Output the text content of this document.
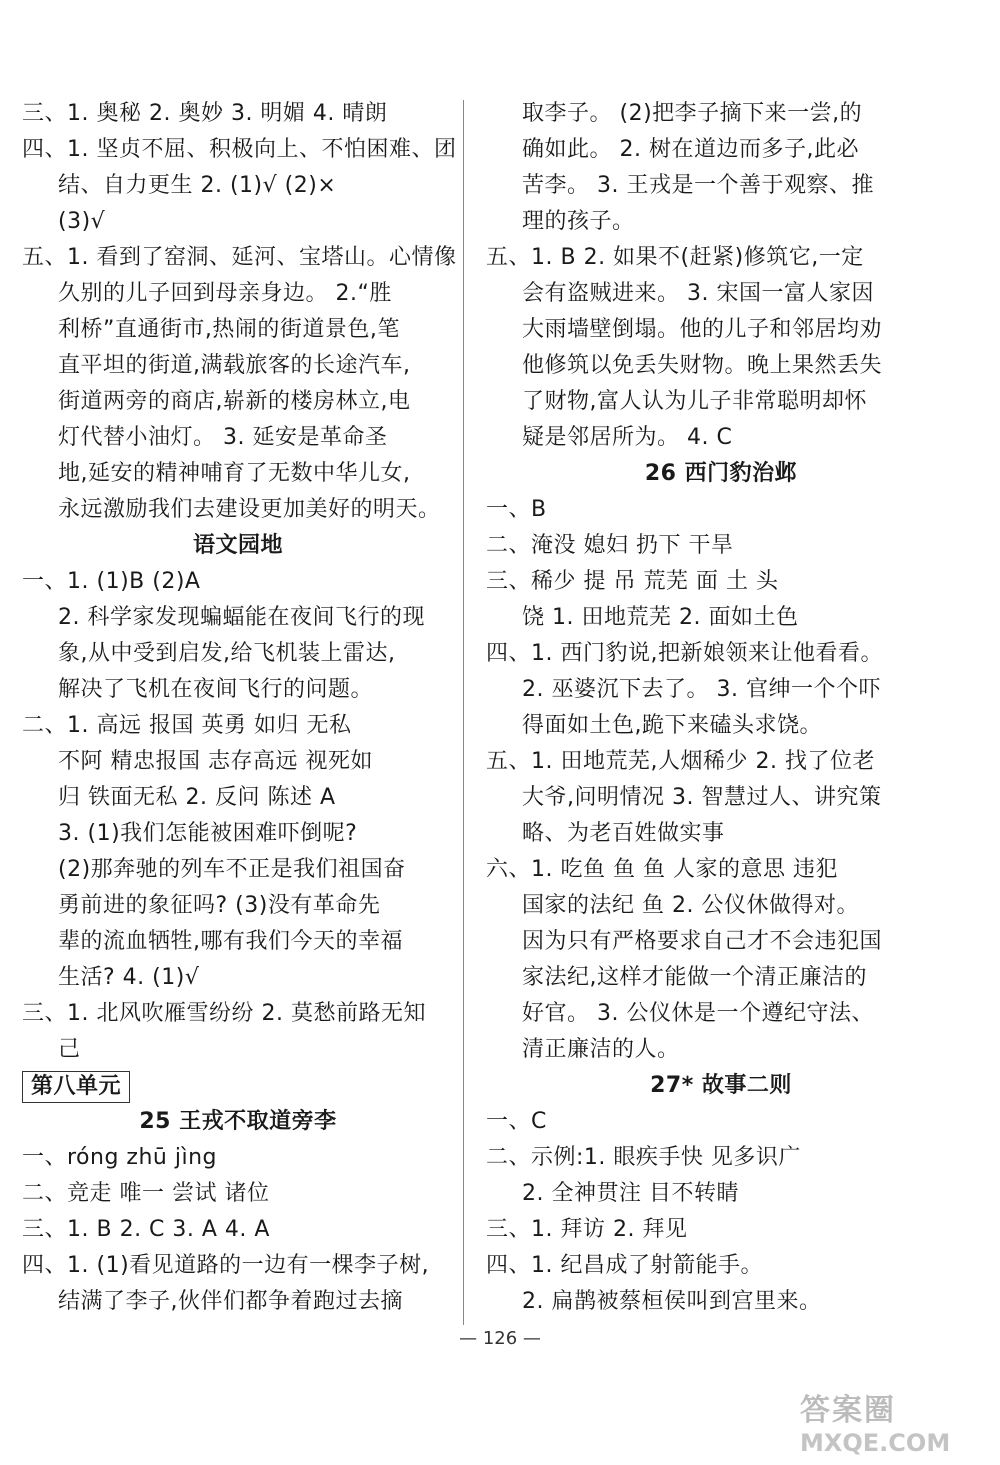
三、1. 奥秘 2. 奥妙 3. 明媚 4. 晴朗
四、1. 坚贞不屈、积极向上、不怕困难、团
结、自力更生 2. (1)√ (2)×
(3)√
五、1. 看到了窑洞、延河、宝塔山。心情像
久别的儿子回到母亲身边。 2.“胜
利桥”直通街市,热闹的街道景色,笔
直平坦的街道,满载旅客的长途汽车,
街道两旁的商店,崭新的楼房林立,电
灯代替小油灯。 3. 延安是革命圣
地,延安的精神哺育了无数中华儿女,
永远激励我们去建设更加美好的明天。
语文园地
一、1. (1)B (2)A
2. 科学家发现蝙蝠能在夜间飞行的现
象,从中受到启发,给飞机装上雷达,
解决了飞机在夜间飞行的问题。
二、1. 高远 报国 英勇 如归 无私
不阿 精忠报国 志存高远 视死如
归 铁面无私 2. 反问 陈述 A
3. (1)我们怎能被困难吓倒呢?
(2)那奔驰的列车不正是我们祖国奋
勇前进的象征吗? (3)没有革命先
辈的流血牺牲,哪有我们今天的幸福
生活? 4. (1)√
三、1. 北风吹雁雪纷纷 2. 莫愁前路无知
己
第八单元
25 王戎不取道旁李
一、róng zhū jìng
二、竞走 唯一 尝试 诸位
三、1. B 2. C 3. A 4. A
四、1. (1)看见道路的一边有一棵李子树,
结满了李子,伙伴们都争着跑过去摘
取李子。 (2)把李子摘下来一尝,的
确如此。 2. 树在道边而多子,此必
苦李。 3. 王戎是一个善于观察、推
理的孩子。
五、1. B 2. 如果不(赶紧)修筑它,一定
会有盗贼进来。 3. 宋国一富人家因
大雨墙壁倒塌。他的儿子和邻居均劝
他修筑以免丢失财物。晚上果然丢失
了财物,富人认为儿子非常聪明却怀
疑是邻居所为。 4. C
26 西门豹治邺
一、B
二、淹没 媳妇 扔下 干旱
三、稀少 提 吊 荒芜 面 土 头
饶 1. 田地荒芜 2. 面如土色
四、1. 西门豹说,把新娘领来让他看看。
2. 巫婆沉下去了。 3. 官绅一个个吓
得面如土色,跪下来磕头求饶。
五、1. 田地荒芜,人烟稀少 2. 找了位老
大爷,问明情况 3. 智慧过人、讲究策
略、为老百姓做实事
六、1. 吃鱼 鱼 鱼 人家的意思 违犯
国家的法纪 鱼 2. 公仪休做得对。
因为只有严格要求自己才不会违犯国
家法纪,这样才能做一个清正廉洁的
好官。 3. 公仪休是一个遵纪守法、
清正廉洁的人。
27* 故事二则
一、C
二、示例:1. 眼疾手快 见多识广
2. 全神贯注 目不转睛
三、1. 拜访 2. 拜见
四、1. 纪昌成了射箭能手。
2. 扁鹊被蔡桓侯叫到宫里来。
— 126 —
答案圈
MXQE.COM
